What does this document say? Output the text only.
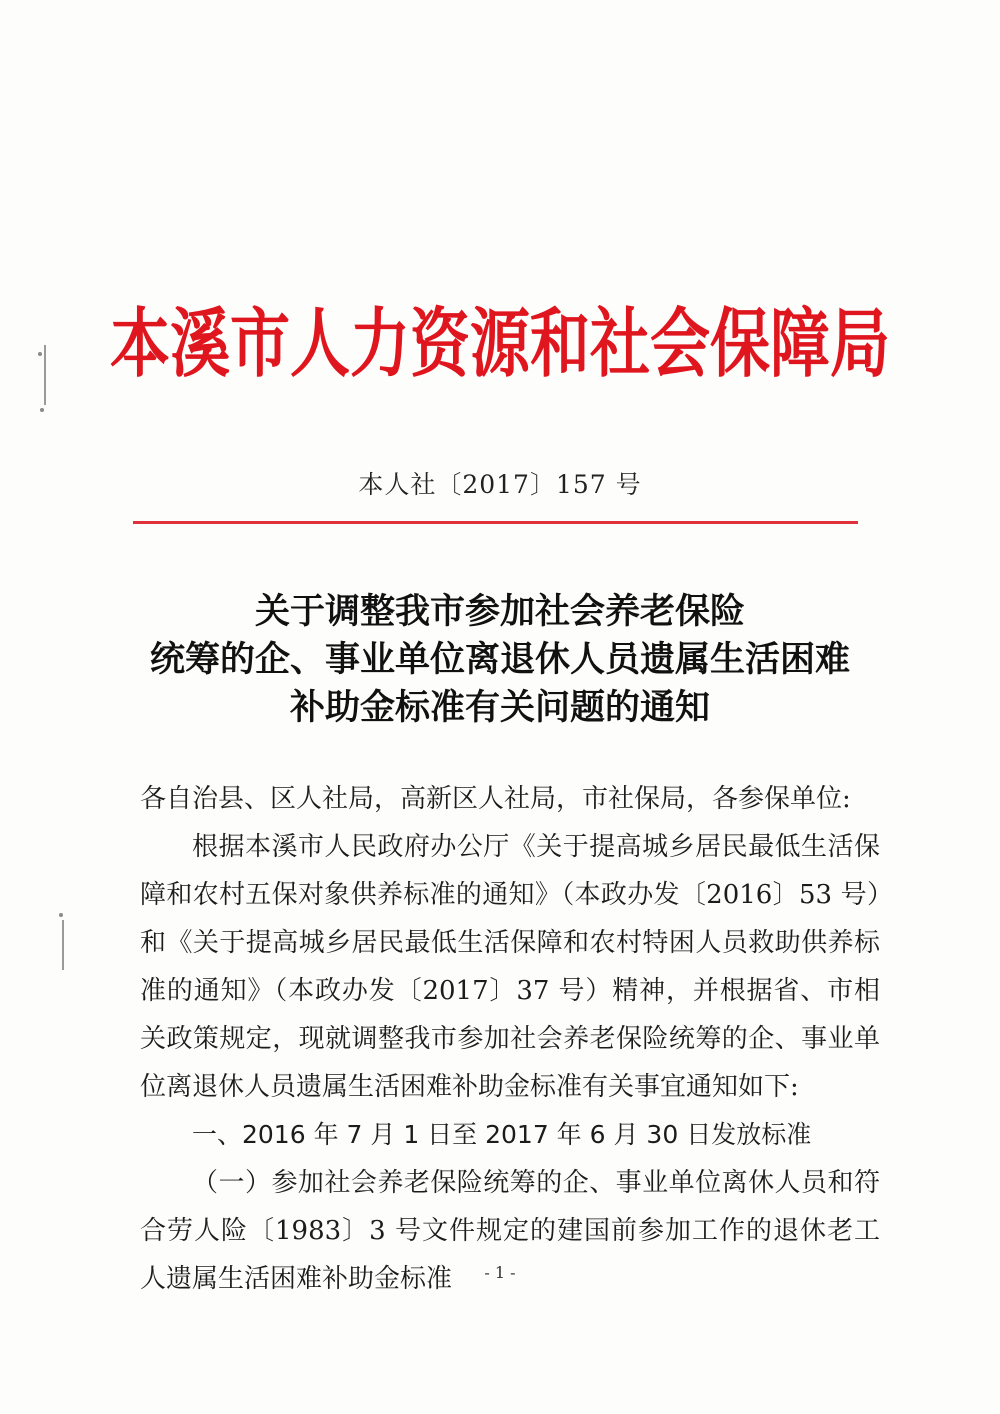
本溪市人力资源和社会保障局
本人社〔2017〕157 号
关于调整我市参加社会养老保险
统筹的企、事业单位离退休人员遗属生活困难
补助金标准有关问题的通知

各自治县、区人社局，高新区人社局，市社保局，各参保单位:

根据本溪市人民政府办公厅《关于提高城乡居民最低生活保障和农村五保对象供养标准的通知》（本政办发〔2016〕53 号）和《关于提高城乡居民最低生活保障和农村特困人员救助供养标准的通知》（本政办发〔2017〕37 号）精神，并根据省、市相关政策规定，现就调整我市参加社会养老保险统筹的企、事业单位离退休人员遗属生活困难补助金标准有关事宜通知如下:

一、2016 年 7 月 1 日至 2017 年 6 月 30 日发放标准

（一）参加社会养老保险统筹的企、事业单位离休人员和符合劳人险〔1983〕3 号文件规定的建国前参加工作的退休老工人遗属生活困难补助金标准	- 1 -
